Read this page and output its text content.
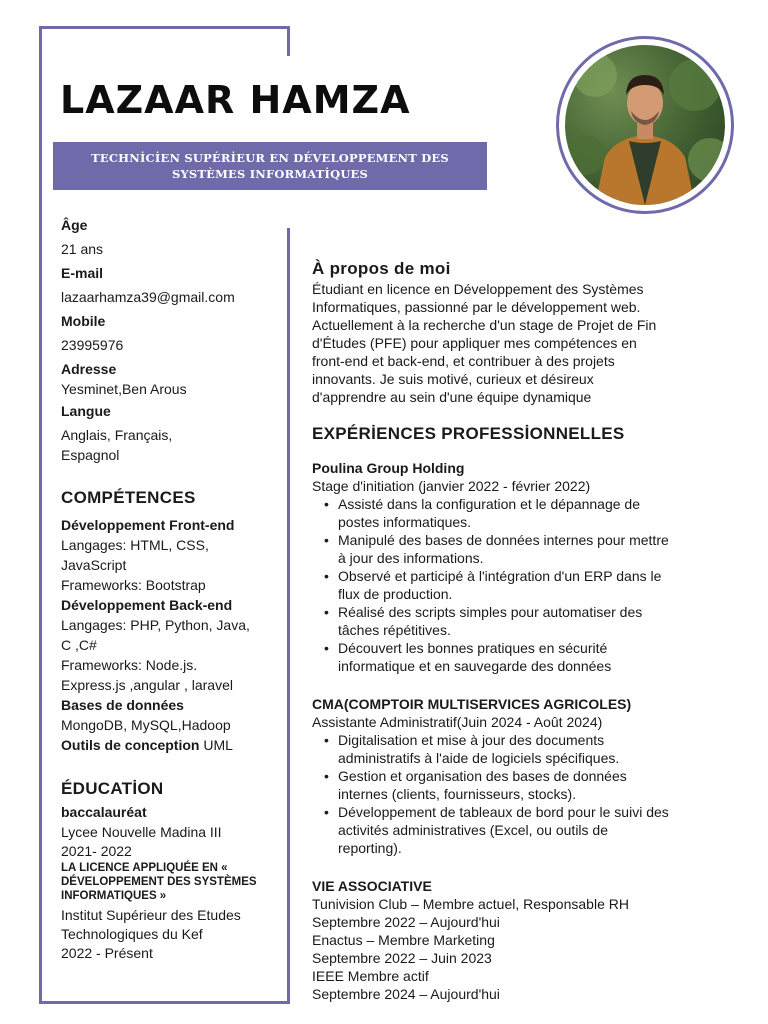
LAZAAR HAMZA
TECHNİCİEN SUPÉRİEUR EN DÉVELOPPEMENT DES SYSTÈMES INFORMATİQUES
Âge
21 ans
E-mail
lazaarhamza39@gmail.com
Mobile
23995976
Adresse
Yesminet,Ben Arous
Langue
Anglais, Français,
Espagnol
COMPÉTENCES
Développement Front-end
Langages: HTML, CSS,
JavaScript
Frameworks: Bootstrap
Développement Back-end
Langages: PHP, Python, Java,
C ,C#
Frameworks: Node.js.
Express.js ,angular , laravel
Bases de données
MongoDB, MySQL,Hadoop
Outils de conception UML
ÉDUCATİON
baccalauréat
Lycee Nouvelle Madina III
2021- 2022
LA LICENCE APPLIQUÉE EN «
DÉVELOPPEMENT DES SYSTÈMES
INFORMATIQUES »
Institut Supérieur des Etudes
Technologiques du Kef
2022 - Présent
À propos de moi
Étudiant en licence en Développement des Systèmes
Informatiques, passionné par le développement web.
Actuellement à la recherche d'un stage de Projet de Fin
d'Études (PFE) pour appliquer mes compétences en
front-end et back-end, et contribuer à des projets
innovants. Je suis motivé, curieux et désireux
d'apprendre au sein d'une équipe dynamique
EXPÉRİENCES PROFESSİONNELLES
Poulina Group Holding
Stage d'initiation (janvier 2022 - février 2022)
• Assisté dans la configuration et le dépannage de
postes informatiques.
• Manipulé des bases de données internes pour mettre
à jour des informations.
• Observé et participé à l'intégration d'un ERP dans le
flux de production.
• Réalisé des scripts simples pour automatiser des
tâches répétitives.
• Découvert les bonnes pratiques en sécurité
informatique et en sauvegarde des données
CMA(COMPTOIR MULTISERVICES AGRICOLES)
Assistante Administratif(Juin 2024 - Août 2024)
• Digitalisation et mise à jour des documents
administratifs à l'aide de logiciels spécifiques.
• Gestion et organisation des bases de données
internes (clients, fournisseurs, stocks).
• Développement de tableaux de bord pour le suivi des
activités administratives (Excel, ou outils de
reporting).
VIE ASSOCIATIVE
Tunivision Club – Membre actuel, Responsable RH
Septembre 2022 – Aujourd'hui
Enactus – Membre Marketing
Septembre 2022 – Juin 2023
IEEE Membre actif
Septembre 2024 – Aujourd'hui
